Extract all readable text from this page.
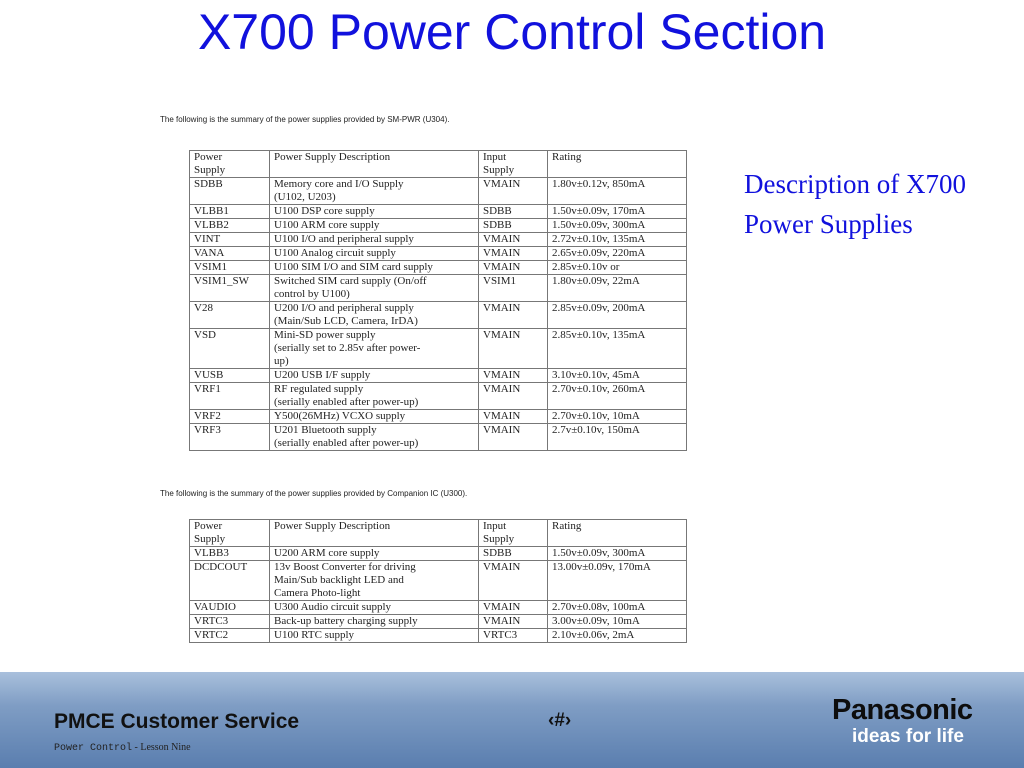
X700 Power Control Section
The following is the summary of the power supplies provided by SM-PWR (U304).
Power
Supply	Power Supply Description	Input
Supply	Rating
SDBB	Memory core and I/O Supply
(U102, U203)	VMAIN	1.80v±0.12v, 850mA
VLBB1	U100 DSP core supply	SDBB	1.50v±0.09v, 170mA
VLBB2	U100 ARM core supply	SDBB	1.50v±0.09v, 300mA
VINT	U100 I/O and peripheral supply	VMAIN	2.72v±0.10v, 135mA
VANA	U100 Analog circuit supply	VMAIN	2.65v±0.09v, 220mA
VSIM1	U100 SIM I/O and SIM card supply	VMAIN	2.85v±0.10v or
VSIM1_SW	Switched SIM card supply (On/off
control by U100)	VSIM1	1.80v±0.09v, 22mA
V28	U200 I/O and peripheral supply
(Main/Sub LCD, Camera, IrDA)	VMAIN	2.85v±0.09v, 200mA
VSD	Mini-SD power supply
(serially set to 2.85v after power-
up)	VMAIN	2.85v±0.10v, 135mA
VUSB	U200 USB I/F supply	VMAIN	3.10v±0.10v, 45mA
VRF1	RF regulated supply
(serially enabled after power-up)	VMAIN	2.70v±0.10v, 260mA
VRF2	Y500(26MHz) VCXO supply	VMAIN	2.70v±0.10v, 10mA
VRF3	U201 Bluetooth supply
(serially enabled after power-up)	VMAIN	2.7v±0.10v, 150mA
The following is the summary of the power supplies provided by Companion IC (U300).
Power
Supply	Power Supply Description	Input
Supply	Rating
VLBB3	U200 ARM core supply	SDBB	1.50v±0.09v, 300mA
DCDCOUT	13v Boost Converter for driving
Main/Sub backlight LED and
Camera Photo-light	VMAIN	13.00v±0.09v, 170mA
VAUDIO	U300 Audio circuit supply	VMAIN	2.70v±0.08v, 100mA
VRTC3	Back-up battery charging supply	VMAIN	3.00v±0.09v, 10mA
VRTC2	U100 RTC supply	VRTC3	2.10v±0.06v, 2mA
Description of X700 Power Supplies
PMCE Customer Service	‹#›
Power Control - Lesson Nine
Panasonic
ideas for life
